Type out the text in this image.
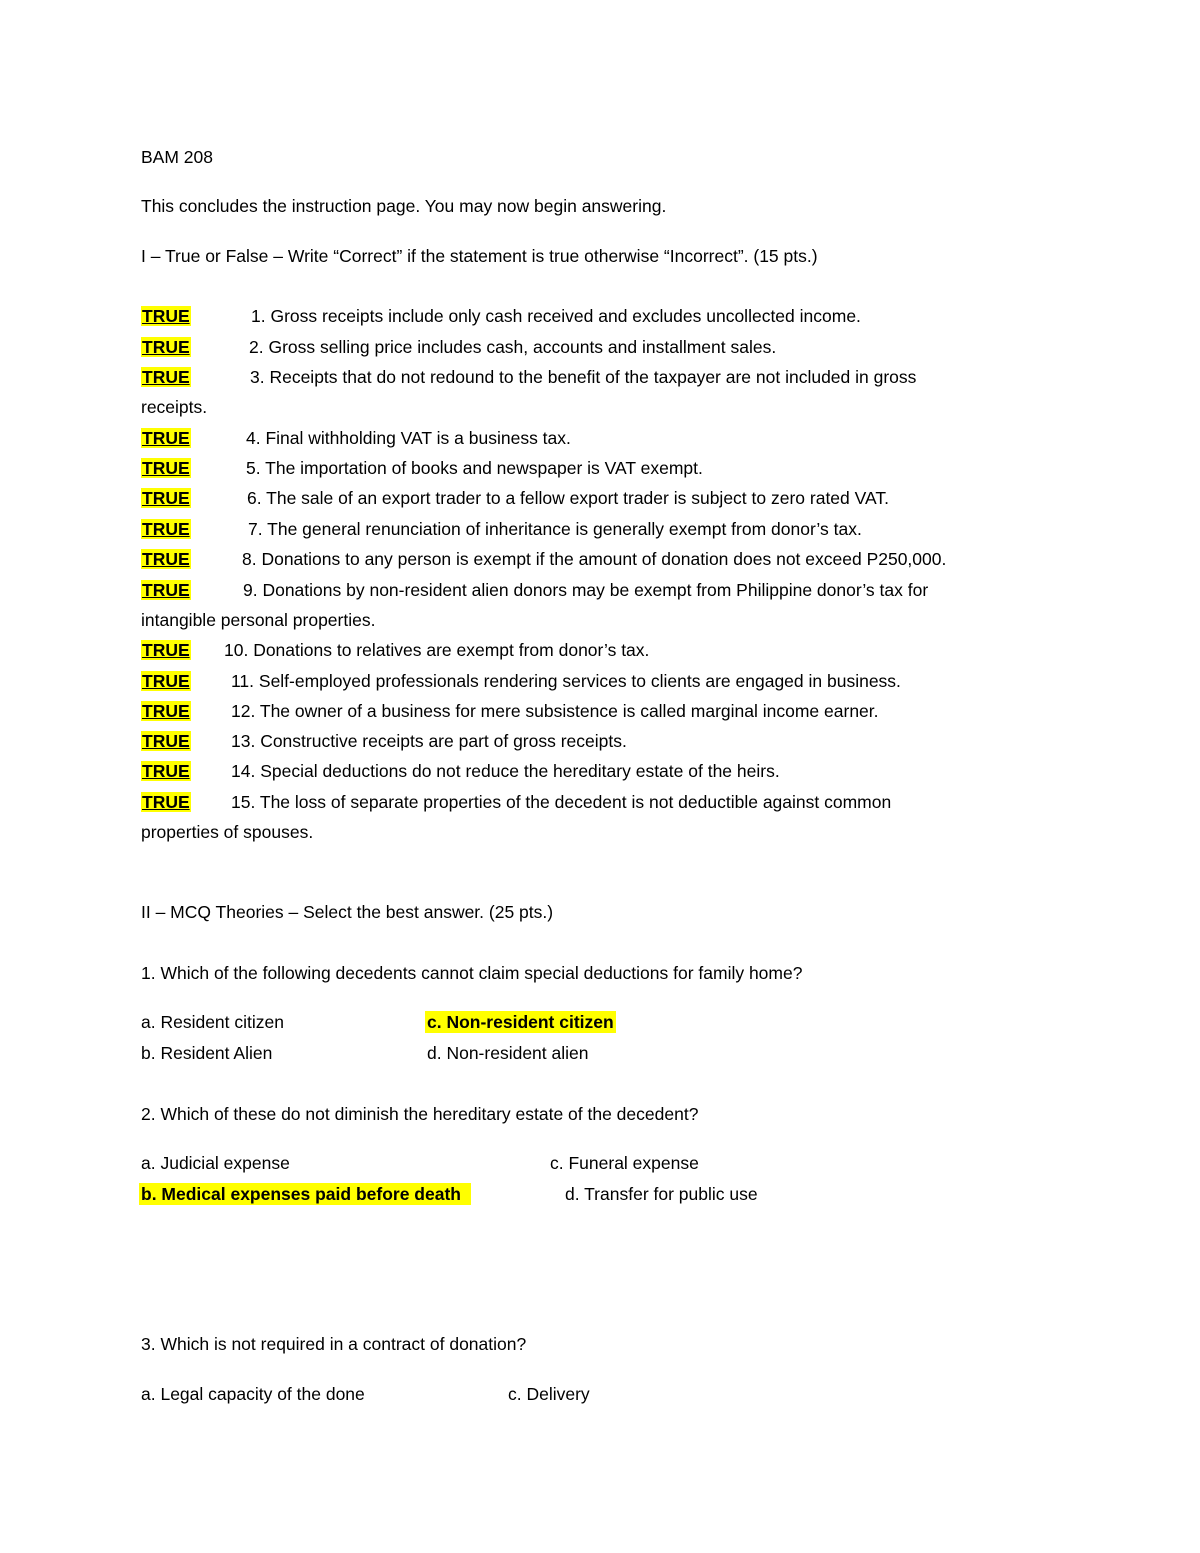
BAM 208
This concludes the instruction page. You may now begin answering.
I – True or False – Write “Correct” if the statement is true otherwise “Incorrect”. (15 pts.)
TRUE	1. Gross receipts include only cash received and excludes uncollected income.
TRUE	2. Gross selling price includes cash, accounts and installment sales.
TRUE	3. Receipts that do not redound to the benefit of the taxpayer are not included in gross
receipts.
TRUE	4. Final withholding VAT is a business tax.
TRUE	5. The importation of books and newspaper is VAT exempt.
TRUE	6. The sale of an export trader to a fellow export trader is subject to zero rated VAT.
TRUE	7. The general renunciation of inheritance is generally exempt from donor’s tax.
TRUE	8. Donations to any person is exempt if the amount of donation does not exceed P250,000.
TRUE	9. Donations by non-resident alien donors may be exempt from Philippine donor’s tax for
intangible personal properties.
TRUE 10. Donations to relatives are exempt from donor’s tax.
TRUE 11. Self-employed professionals rendering services to clients are engaged in business.
TRUE 12. The owner of a business for mere subsistence is called marginal income earner.
TRUE 13. Constructive receipts are part of gross receipts.
TRUE 14. Special deductions do not reduce the hereditary estate of the heirs.
TRUE 15. The loss of separate properties of the decedent is not deductible against common
properties of spouses.
II – MCQ Theories – Select the best answer. (25 pts.)
1. Which of the following decedents cannot claim special deductions for family home?
a. Resident citizen	c. Non-resident citizen
b. Resident Alien	d. Non-resident alien
2. Which of these do not diminish the hereditary estate of the decedent?
a. Judicial expense	c. Funeral expense
b. Medical expenses paid before death	d. Transfer for public use
3. Which is not required in a contract of donation?
a. Legal capacity of the done	c. Delivery
